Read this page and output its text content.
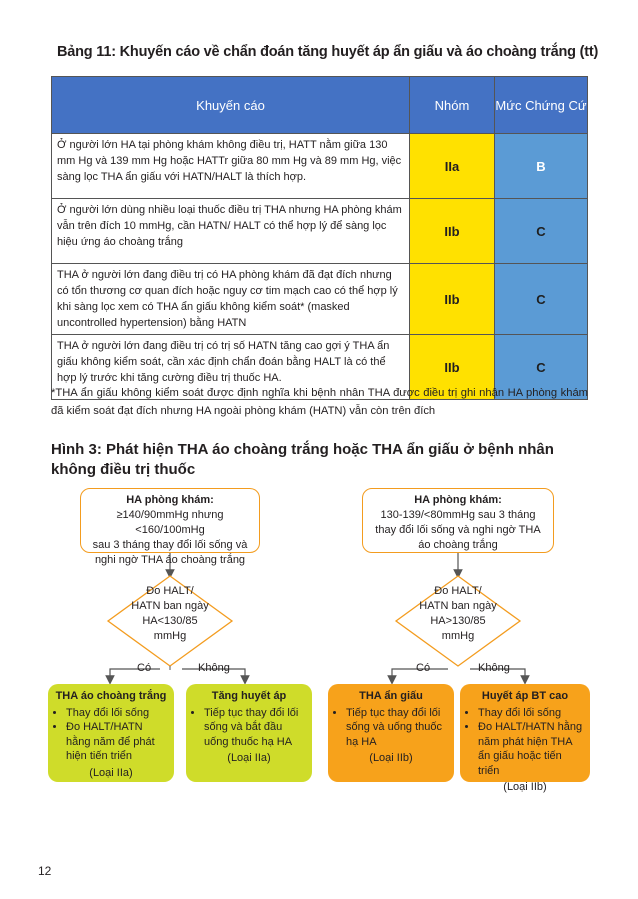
Bảng 11: Khuyến cáo về chẩn đoán tăng huyết áp ẩn giấu và áo choàng trắng (tt)
Khuyến cáo	Nhóm	Mức Chứng Cứ
Ở người lớn HA tại phòng khám không điều trị, HATT nằm giữa 130 mm Hg và 139 mm Hg hoặc HATTr giữa 80 mm Hg và 89 mm Hg, việc sàng lọc THA ẩn giấu với HATN/HALT là thích hợp.	IIa	B
Ở người lớn dùng nhiều loại thuốc điều trị THA nhưng HA phòng khám vẫn trên đích 10 mmHg, cần HATN/ HALT có thể hợp lý để sàng lọc hiệu ứng áo choàng trắng	IIb	C
THA ở người lớn đang điều trị có HA phòng khám đã đạt đích nhưng có tổn thương cơ quan đích hoặc nguy cơ tim mạch cao có thể hợp lý khi sàng lọc xem có THA ẩn giấu không kiểm soát* (masked uncontrolled hypertension) bằng HATN	IIb	C
THA ở người lớn đang điều trị có trị số HATN tăng cao gợi ý THA ẩn giấu không kiểm soát, cần xác định chẩn đoán bằng HALT là có thể hợp lý trước khi tăng cường điều trị thuốc HA.	IIb	C
*THA ẩn giấu không kiểm soát được định nghĩa khi bệnh nhân THA được điều trị ghi nhận HA phòng khám đã kiểm soát đạt đích nhưng HA ngoài phòng khám (HATN) vẫn còn trên đích
Hình 3: Phát hiện THA áo choàng trắng hoặc THA ẩn giấu ở bệnh nhân không điều trị thuốc
HA phòng khám:
≥140/90mmHg nhưng <160/100mHg
sau 3 tháng thay đổi lối sống và
nghi ngờ THA áo choàng trắng
Đo HALT/
HATN ban ngày
HA<130/85
mmHg
Có	Không
HA phòng khám:
130-139/<80mmHg sau 3 tháng
thay đổi lối sống và nghi ngờ THA
áo choàng trắng
Đo HALT/
HATN ban ngày
HA>130/85
mmHg
Có	Không
THA áo choàng trắng
• Thay đổi lối sống
• Đo HALT/HATN hằng năm để phát hiện tiến triển
(Loại IIa)
Tăng huyết áp
• Tiếp tục thay đổi lối sống và bắt đầu uống thuốc hạ HA
(Loại IIa)
THA ẩn giấu
• Tiếp tục thay đổi lối sống và uống thuốc hạ HA
(Loại IIb)
Huyết áp BT cao
• Thay đổi lối sống
• Đo HALT/HATN hằng năm phát hiện THA ẩn giấu hoặc tiến triển
(Loại IIb)
12
